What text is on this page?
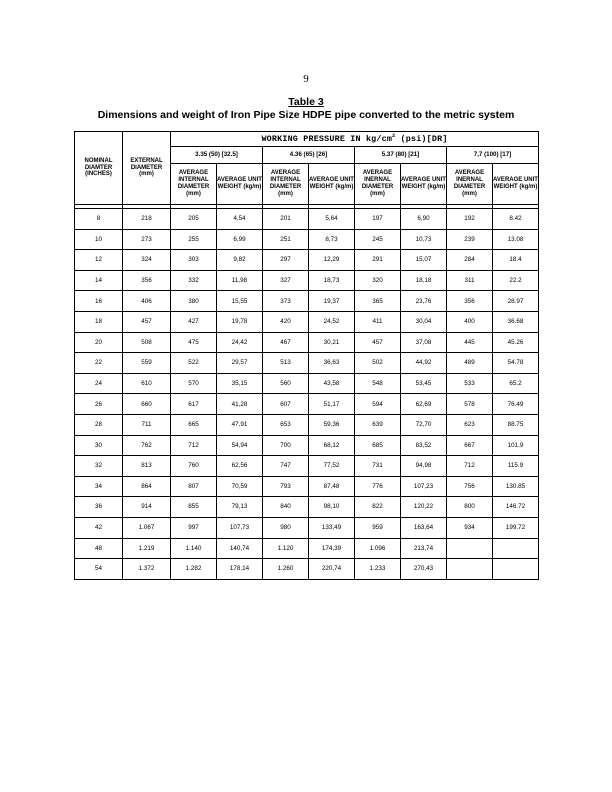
9
Table 3
Dimensions and weight of Iron Pipe Size HDPE pipe converted to the metric system
NOMINAL DIAMTER (INCHES)	EXTERNAL DIAMETER (mm)	WORKING PRESSURE IN $kg/cm^2$ (psi)[DR]							
		3.35 (50) [32.5]		4.36 (65) [26]		5.37 (80) [21]		7,7 (100) [17]	
		AVERAGE INTERNAL DIAMETER (mm)	AVERAGE UNIT WEIGHT (kg/m)	AVERAGE INTERNAL DIAMETER (mm)	AVERAGE UNIT WEIGHT (kg/m)	AVERAGE INERNAL DIAMETER (mm)	AVERAGE UNIT WEIGHT (kg/m)	AVERAGE INERNAL DIAMETER (mm)	AVERAGE UNIT WEIGHT (kg/m)

8	218	205	4,54	201	5,64	197	6,90	192	8.42
10	273	255	6,99	251	8,73	245	10,73	239	13.08
12	324	303	9,82	297	12,29	291	15,07	284	18.4
14	356	332	11,98	327	18,73	320	18,18	311	22.2
16	406	380	15,55	373	19,37	365	23,76	356	28.97
18	457	427	19,78	420	24,52	411	30,04	400	36.68
20	508	475	24,42	467	30,21	457	37,08	445	45.26
22	559	522	29,57	513	36,63	502	44,92	489	54.78
24	610	570	35,15	560	43,58	548	53,45	533	65.2
26	660	617	41,28	607	51,17	594	62,69	578	76.49
28	711	665	47,91	653	59,36	639	72,70	623	88.75
30	762	712	54,94	700	68,12	685	83,52	667	101.9
32	813	760	62,56	747	77,52	731	94,98	712	115.9
34	864	807	70,59	793	87,48	776	107,23	756	130.85
36	914	855	79,13	840	98,10	822	120,22	800	146.72
42	1.067	997	107,73	980	133,49	959	163,64	934	199.72
48	1.219	1.140	140,74	1.120	174,39	1.096	213,74		
54	1.372	1.282	178,14	1.260	220,74	1.233	270,43		
